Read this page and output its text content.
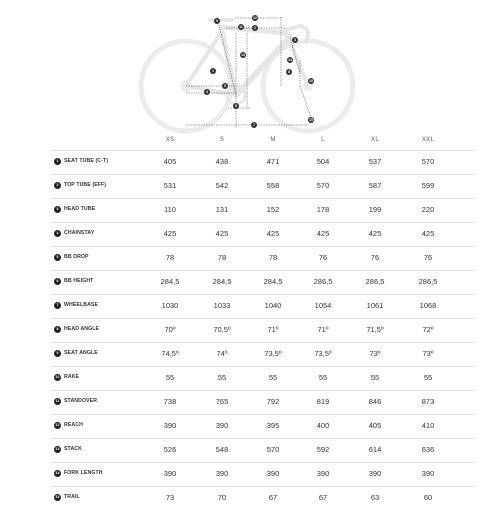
1
2
3
4
5
6
7
8
9
10
11
12
13
14
15
XS	S	M	L	XL	XXL
1	SEAT TUBE (C-T)	405	438	471	504	537	570
2	TOP TUBE (EFF)	531	542	558	570	587	599
3	HEAD TUBE	110	131	152	178	199	220
4	CHAINSTAY	425	425	425	425	425	425
5	BB DROP	78	78	78	76	76	76
6	BB HEIGHT	284,5	284,5	284,5	286,5	286,5	286,5
7	WHEELBASE	1030	1033	1040	1054	1061	1068
8	HEAD ANGLE	70º	70,5º	71º	71º	71,5º	72º
9	SEAT ANGLE	74,5º	74º	73,5º	73,5º	73º	73º
10 RAKE	55	55	55	55	55	55
11 STANDOVER	738	765	792	819	846	873
12 REACH	390	390	395	400	405	410
13 STACK	526	548	570	592	614	636
14 FORK LENGTH	390	390	390	390	390	390
15 TRAIL	73	70	67	67	63	60
